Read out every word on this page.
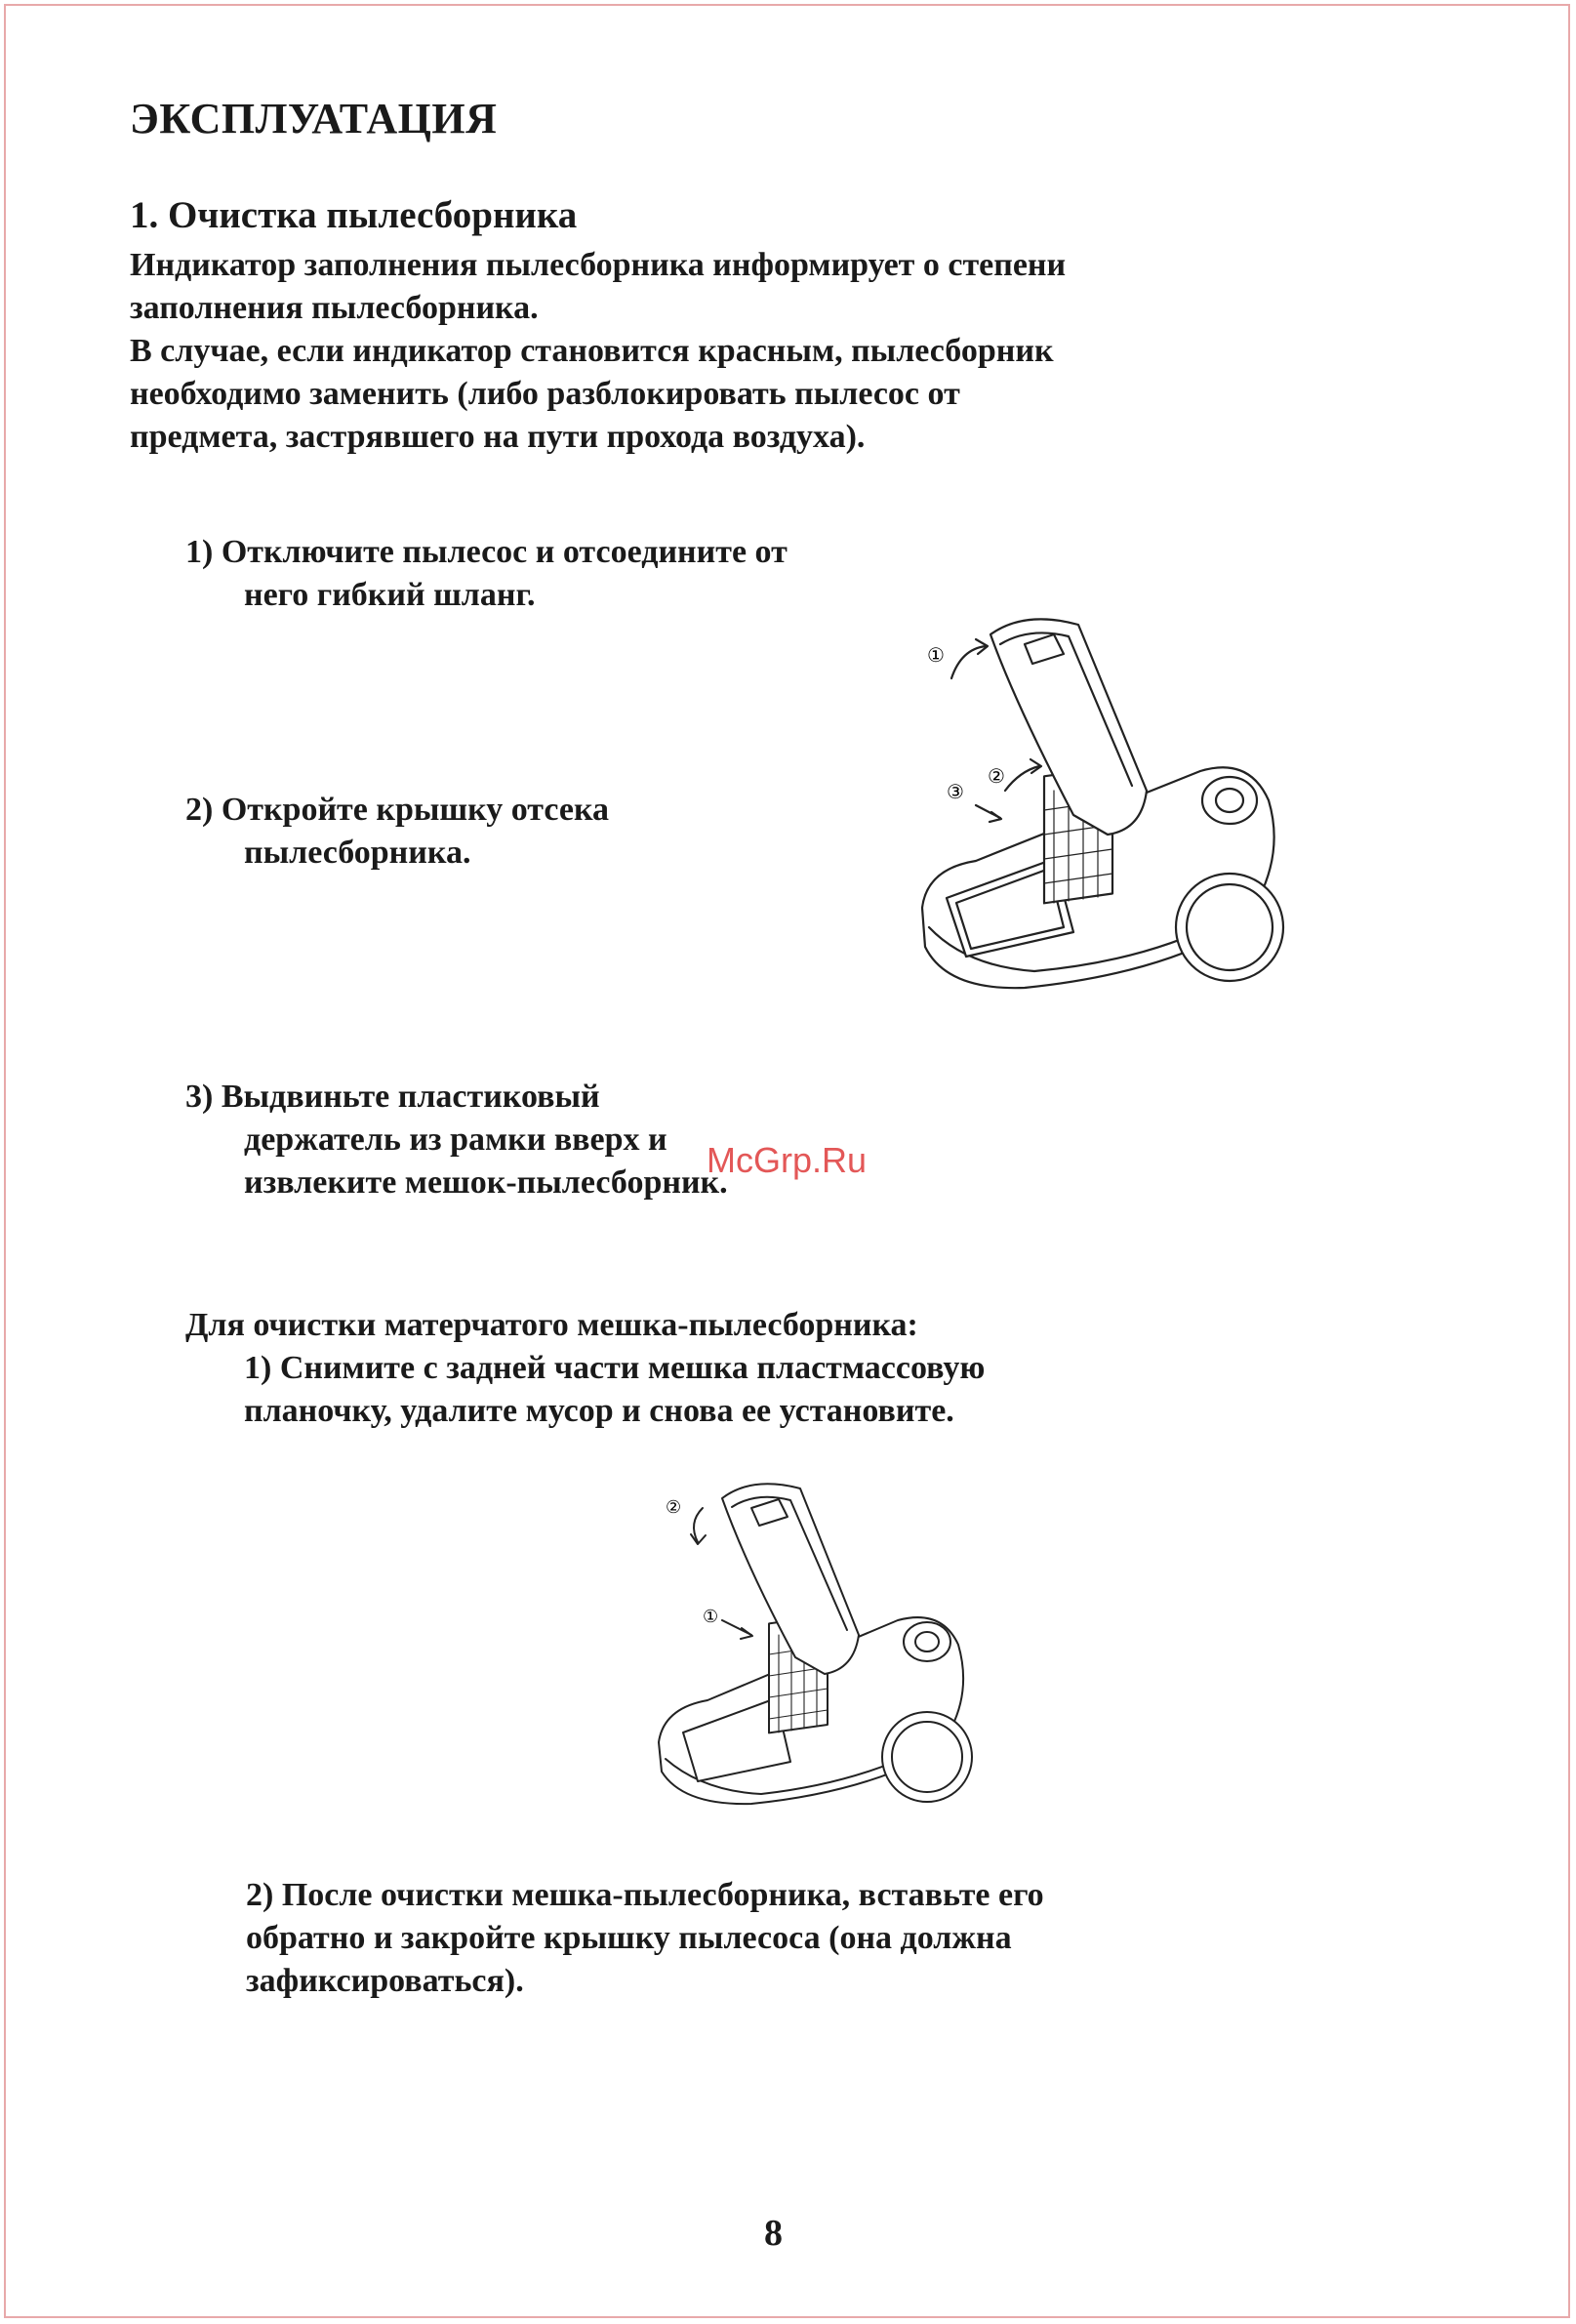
ЭКСПЛУАТАЦИЯ
1. Очистка пылесборника
Индикатор заполнения пылесборника информирует о степени
заполнения пылесборника.
В случае, если индикатор становится красным, пылесборник
необходимо заменить (либо разблокировать пылесос от
предмета, застрявшего на пути прохода воздуха).
1) Отключите пылесос и отсоедините от
него гибкий шланг.
2) Откройте крышку отсека
пылесборника.
3) Выдвиньте пластиковый
держатель из рамки вверх и
извлеките мешок-пылесборник.
McGrp.Ru
①
②
③
Для очистки матерчатого мешка-пылесборника:
1) Снимите с задней части мешка пластмассовую
планочку, удалите мусор и снова ее установите.
②
①
2) После очистки мешка-пылесборника, вставьте его
обратно и закройте крышку пылесоса (она должна
зафиксироваться).
8
